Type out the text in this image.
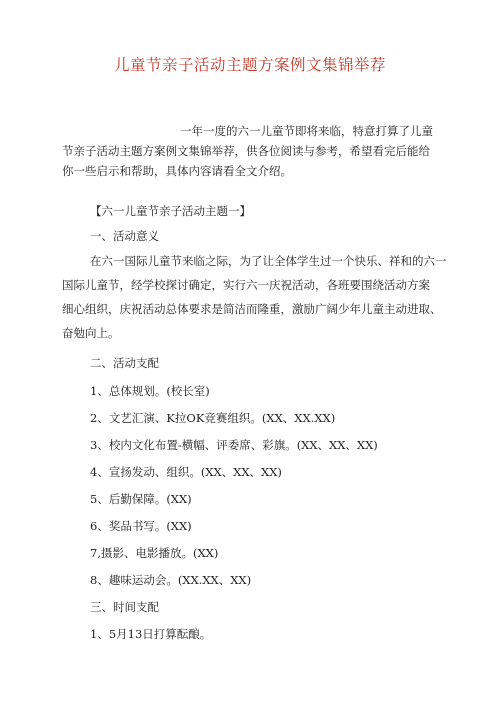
儿童节亲子活动主题方案例文集锦举荐

一年一度的六一儿童节即将来临，特意打算了儿童
节亲子活动主题方案例文集锦举荐，供各位阅读与参考，希望看完后能给
你一些启示和帮助，具体内容请看全文介绍。

【六一儿童节亲子活动主题一】

一、活动意义

在六一国际儿童节来临之际，为了让全体学生过一个快乐、祥和的六一
国际儿童节，经学校探讨确定，实行六一庆祝活动，各班要围绕活动方案
细心组织，庆祝活动总体要求是简洁而隆重，激励广阔少年儿童主动进取、
奋勉向上。

二、活动支配

1、总体规划。(校长室)

2、文艺汇演、K拉OK竞赛组织。(XX、XX.XX)

3、校内文化布置-横幅、评委席、彩旗。(XX、XX、XX)

4、宣扬发动、组织。(XX、XX、XX)

5、后勤保障。(XX)

6、奖品书写。(XX)

7,摄影、电影播放。(XX)

8、趣味运动会。(XX.XX、XX)

三、时间支配

1、5月13日打算酝酿。
